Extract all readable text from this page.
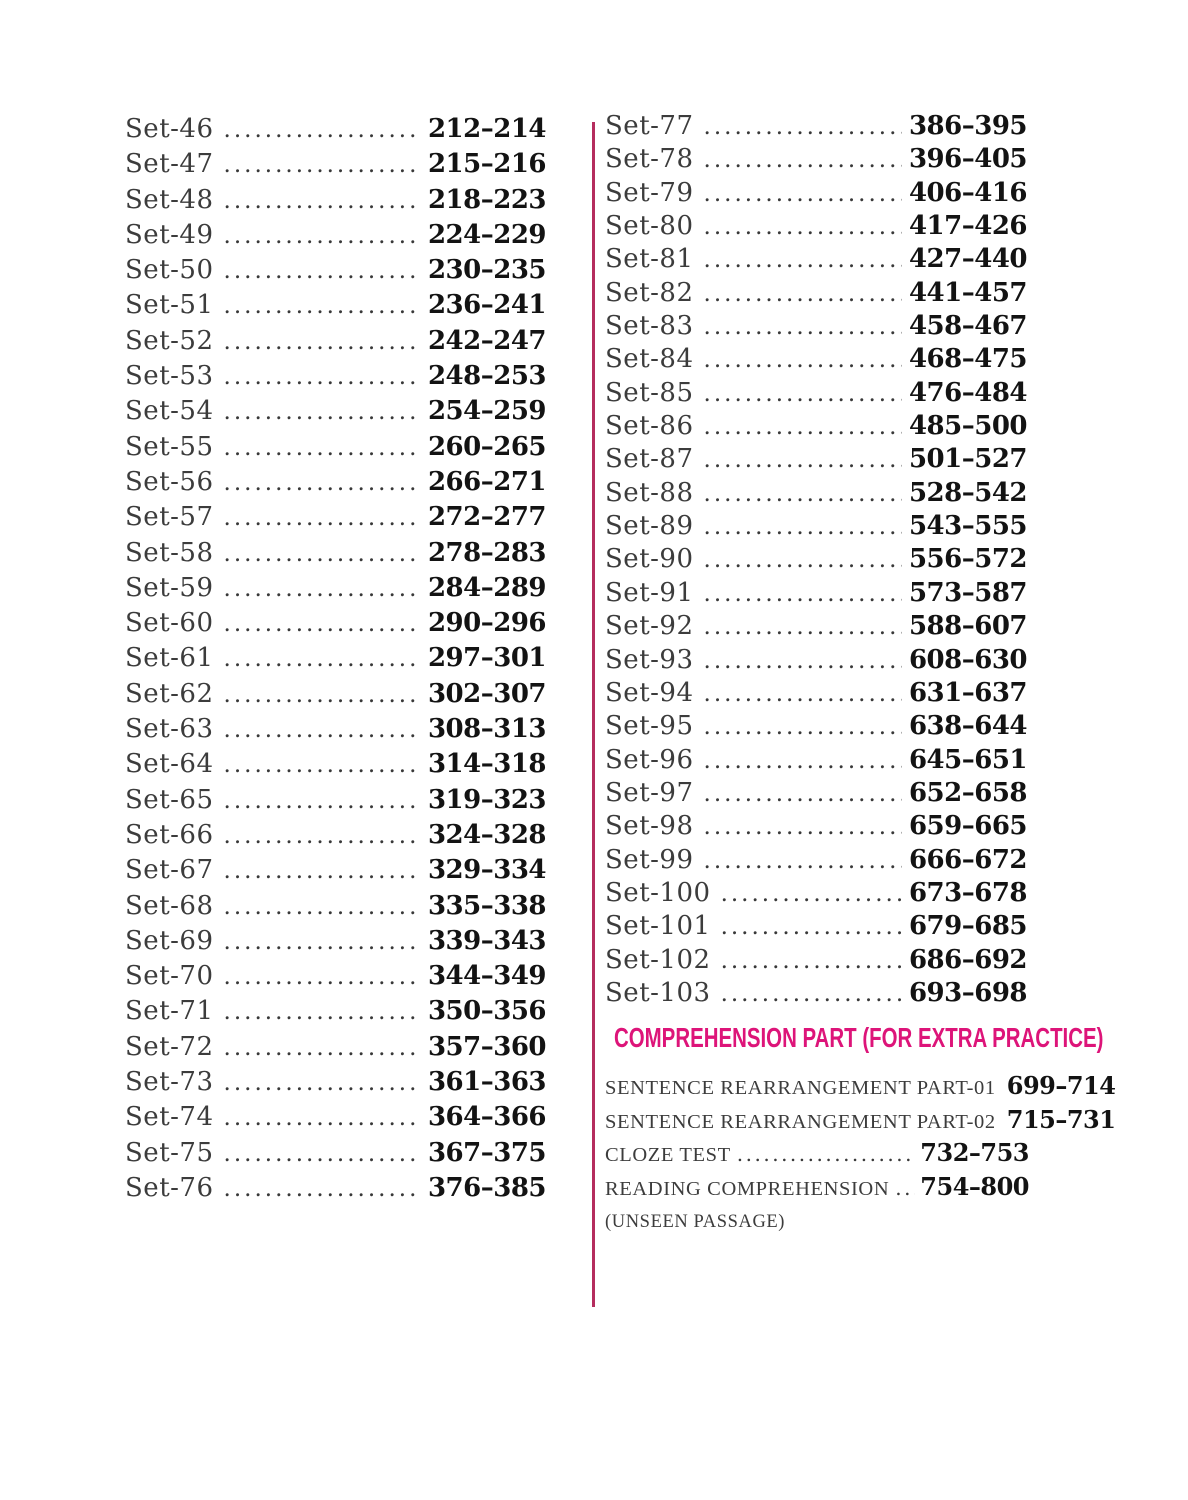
Set-46 .....	212–214
Set-47 .....	215–216
Set-48 .....	218–223
Set-49 .....	224–229
Set-50 .....	230–235
Set-51 .....	236–241
Set-52 .....	242–247
Set-53 .....	248–253
Set-54 .....	254–259
Set-55 .....	260–265
Set-56 .....	266–271
Set-57 .....	272–277
Set-58 .....	278–283
Set-59 .....	284–289
Set-60 .....	290–296
Set-61 .....	297–301
Set-62 .....	302–307
Set-63 .....	308–313
Set-64 .....	314–318
Set-65 .....	319–323
Set-66 .....	324–328
Set-67 .....	329–334
Set-68 .....	335–338
Set-69 .....	339–343
Set-70 .....	344–349
Set-71 .....	350–356
Set-72 .....	357–360
Set-73 .....	361–363
Set-74 .....	364–366
Set-75 .....	367–375
Set-76 .....	376–385
Set-77 .....	386–395
Set-78 .....	396–405
Set-79 .....	406–416
Set-80 .....	417–426
Set-81 .....	427–440
Set-82 .....	441–457
Set-83 .....	458–467
Set-84 .....	468–475
Set-85 .....	476–484
Set-86 .....	485–500
Set-87 .....	501–527
Set-88 .....	528–542
Set-89 .....	543–555
Set-90 .....	556–572
Set-91 .....	573–587
Set-92 .....	588–607
Set-93 .....	608–630
Set-94 .....	631–637
Set-95 .....	638–644
Set-96 .....	645–651
Set-97 .....	652–658
Set-98 .....	659–665
Set-99 .....	666–672
Set-100 .....	673–678
Set-101 .....	679–685
Set-102 .....	686–692
Set-103 .....	693–698
COMPREHENSION PART (FOR EXTRA PRACTICE)
SENTENCE REARRANGEMENT PART-01 699–714
SENTENCE REARRANGEMENT PART-02 715–731
CLOZE TEST .....	732–753
READING COMPREHENSION ..... 754–800
(UNSEEN PASSAGE)
